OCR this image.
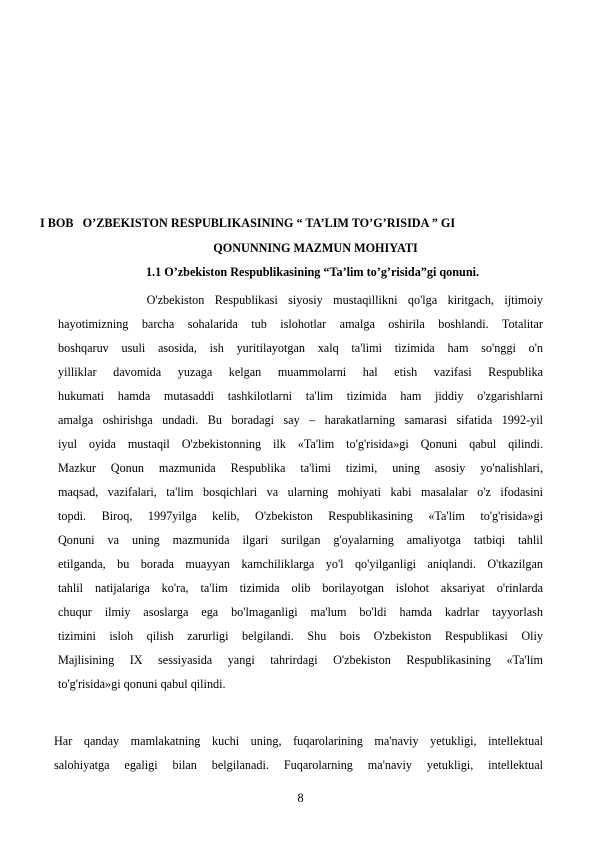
I BOB   O’ZBEKISTON RESPUBLIKASINING “ TA’LIM TO’G’RISIDA ” GI
QONUNNING MAZMUN MOHIYATI
1.1 O’zbekiston Respublikasining “Ta’lim to’g’risida”gi qonuni.
O'zbekiston  Respublikasi  siyosiy  mustaqillikni  qo'lga  kiritgach,  ijtimoiy
hayotimizning barcha sohalarida tub islohotlar amalga oshirila boshlandi. Totalitar
boshqaruv usuli asosida, ish yuritilayotgan xalq ta'limi tizimida ham so'nggi o'n
yilliklar davomida yuzaga kelgan muammolarni hal etish vazifasi Respublika
hukumati hamda mutasaddi tashkilotlarni ta'lim tizimida ham jiddiy o'zgarishlarni
amalga oshirishga undadi. Bu boradagi say – harakatlarning samarasi sifatida 1992-yil
iyul oyida mustaqil O'zbekistonning ilk «Ta'lim to'g'risida»gi Qonuni qabul qilindi.
Mazkur Qonun mazmunida Respublika ta'limi tizimi, uning asosiy yo'nalishlari,
maqsad, vazifalari, ta'lim bosqichlari va ularning mohiyati kabi masalalar o'z ifodasini
topdi. Biroq, 1997yilga kelib, O'zbekiston Respublikasining «Ta'lim to'g'risida»gi
Qonuni va uning mazmunida ilgari surilgan g'oyalarning amaliyotga tatbiqi tahlil
etilganda, bu borada muayyan kamchiliklarga yo'l qo'yilganligi aniqlandi. O'tkazilgan
tahlil natijalariga ko'ra, ta'lim tizimida olib borilayotgan islohot aksariyat o'rinlarda
chuqur ilmiy asoslarga ega bo'lmaganligi ma'lum bo'ldi hamda kadrlar tayyorlash
tizimini isloh qilish zarurligi belgilandi. Shu bois O'zbekiston Respublikasi Oliy
Majlisining IX sessiyasida yangi tahrirdagi O'zbekiston Respublikasining «Ta'lim
to'g'risida»gi qonuni qabul qilindi.
Har qanday mamlakatning kuchi uning, fuqarolarining ma'naviy yetukligi, intellektual
salohiyatga egaligi bilan belgilanadi. Fuqarolarning ma'naviy yetukligi, intellektual
8
